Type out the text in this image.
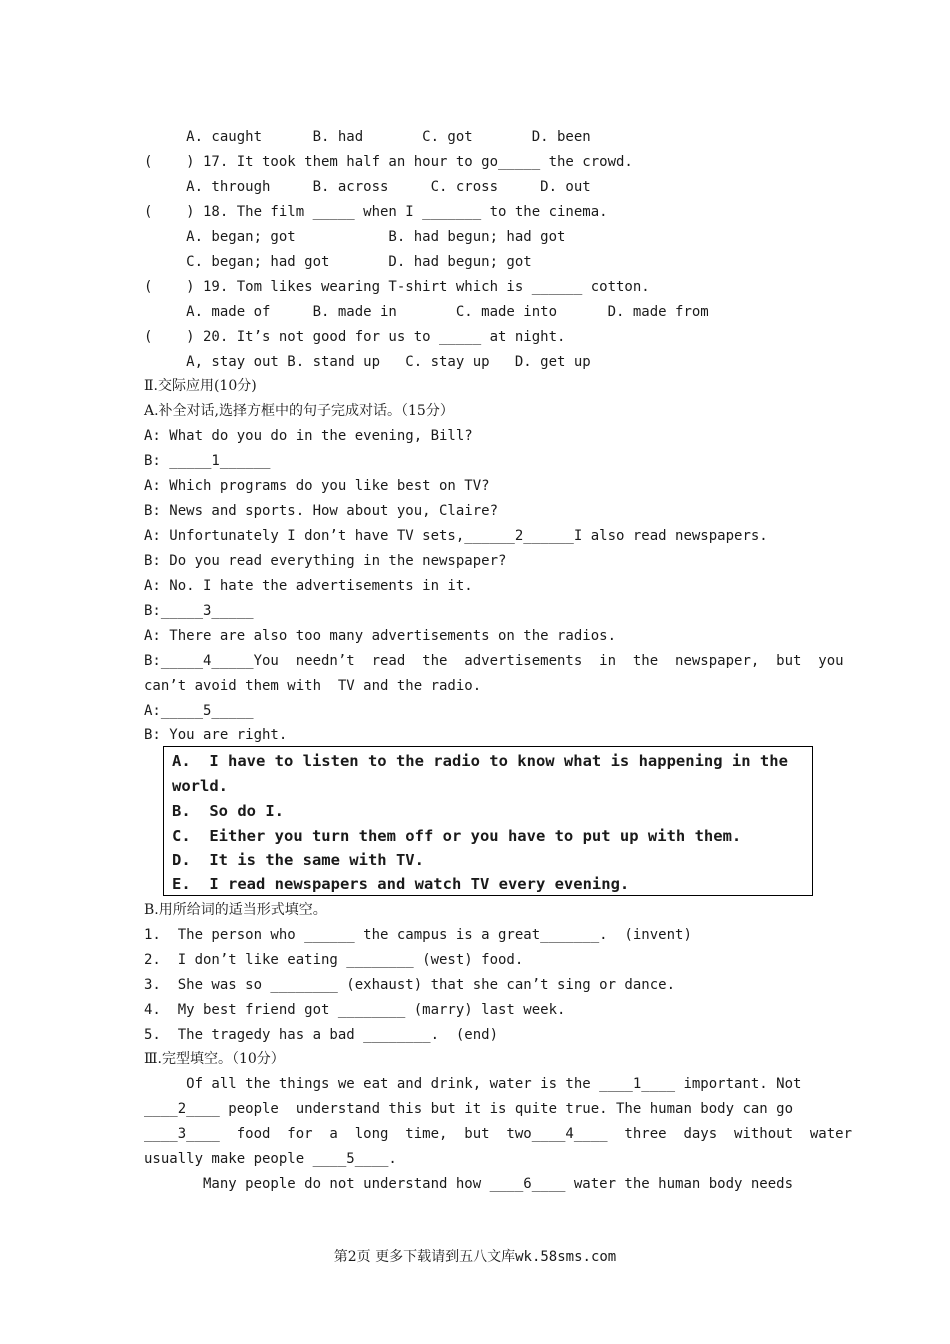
A. caught      B. had       C. got       D. been

(    ) 17. It took them half an hour to go_____ the crowd.

A. through     B. across     C. cross     D. out

(    ) 18. The film _____ when I _______ to the cinema.

A. began; got           B. had begun; had got

C. began; had got       D. had begun; got

(    ) 19. Tom likes wearing T-shirt which is ______ cotton.

A. made of     B. made in       C. made into      D. made from

(    ) 20. It’s not good for us to _____ at night.

A, stay out B. stand up   C. stay up   D. get up

Ⅱ.交际应用(10分)

A.补全对话,选择方框中的句子完成对话。（15分）

A: What do you do in the evening, Bill?

B: _____1______

A: Which programs do you like best on TV?

B: News and sports. How about you, Claire?

A: Unfortunately I don’t have TV sets,______2______I also read newspapers.

B: Do you read everything in the newspaper?

A: No. I hate the advertisements in it.

B:_____3_____

A: There are also too many advertisements on the radios.

B:_____4_____You  needn’t  read  the  advertisements  in  the  newspaper,  but  you

can’t avoid them with  TV and the radio.

A:_____5_____

B: You are right.

A.  I have to listen to the radio to know what is happening in the
world.
B.  So do I.
C.  Either you turn them off or you have to put up with them.
D.  It is the same with TV.
E.  I read newspapers and watch TV every evening.

B.用所给词的适当形式填空。

1.  The person who ______ the campus is a great_______.  (invent)

2.  I don’t like eating ________ (west) food.

3.  She was so ________ (exhaust) that she can’t sing or dance.

4.  My best friend got ________ (marry) last week.

5.  The tragedy has a bad ________.  (end)

Ⅲ.完型填空。（10分）

Of all the things we eat and drink, water is the ____1____ important. Not

____2____ people  understand this but it is quite true. The human body can go

____3____  food  for  a  long  time,  but  two____4____  three  days  without  water

usually make people ____5____.

Many people do not understand how ____6____ water the human body needs

第2页 更多下载请到五八文库wk.58sms.com
